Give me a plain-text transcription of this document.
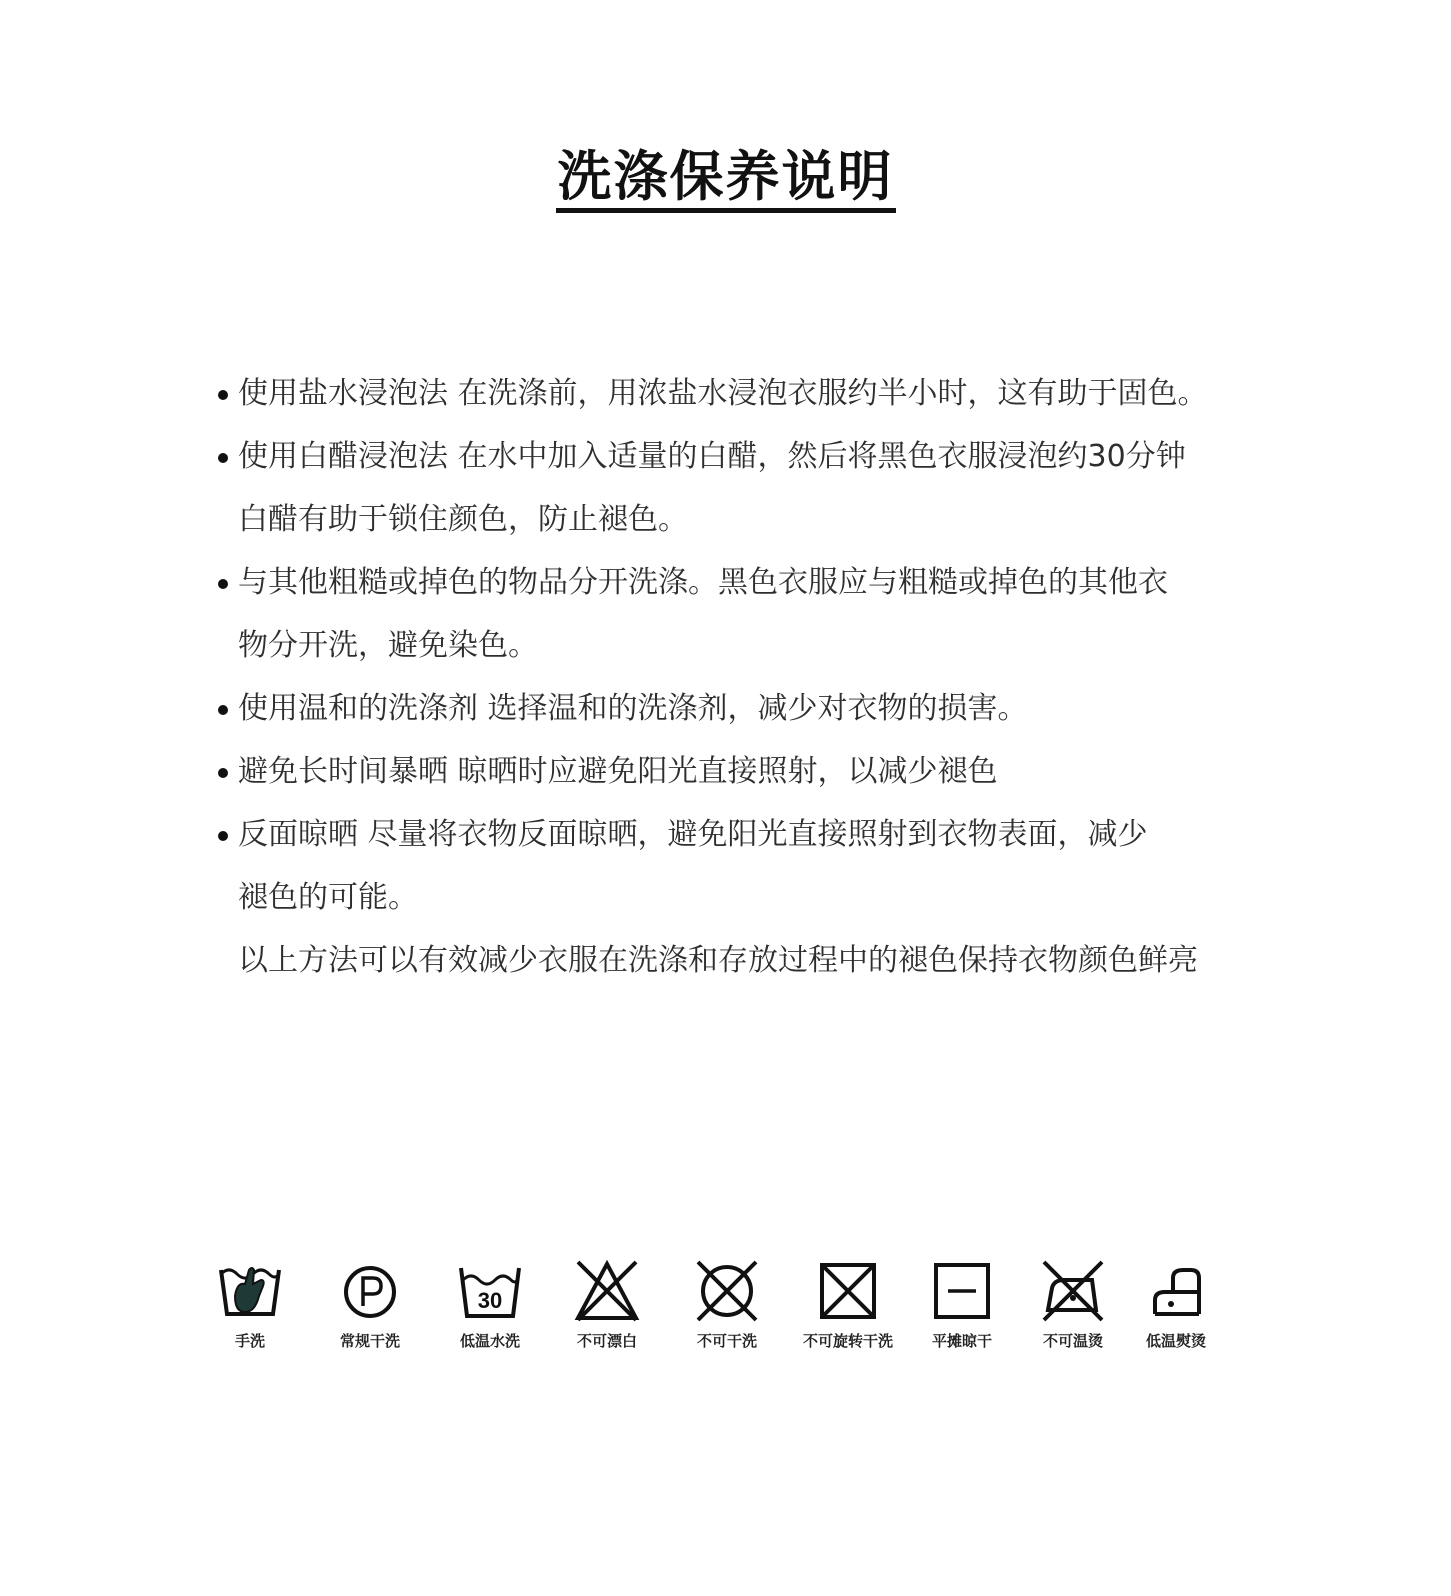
洗涤保养说明
使用盐水浸泡法 在洗涤前，用浓盐水浸泡衣服约半小时，这有助于固色。
使用白醋浸泡法 在水中加入适量的白醋，然后将黑色衣服浸泡约30分钟
白醋有助于锁住颜色，防止褪色。
与其他粗糙或掉色的物品分开洗涤。黑色衣服应与粗糙或掉色的其他衣
物分开洗，避免染色。
使用温和的洗涤剂 选择温和的洗涤剂，减少对衣物的损害。
避免长时间暴晒 晾晒时应避免阳光直接照射，以减少褪色
反面晾晒 尽量将衣物反面晾晒，避免阳光直接照射到衣物表面，减少
褪色的可能。
以上方法可以有效减少衣服在洗涤和存放过程中的褪色保持衣物颜色鲜亮
手洗	常规干洗
30
低温水洗	不可漂白	不可干洗	不可旋转干洗	平摊晾干	不可温烫	低温熨烫
